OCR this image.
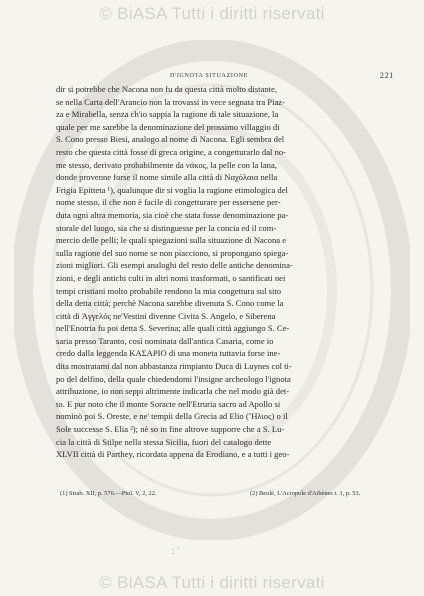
© BiASA Tutti i diritti riservati
D'IGNOTA SITUAZIONE	221
dir si potrebbe che Nacona non fu da questa città molto distante,
se nella Carta dell'Arancio non la trovassi in vece segnata tra Piaz-
za e Mirabella, senza ch'io sappia la ragione di tale situazione, la
quale per me sarebbe la denominazione del prossimo villaggio di
S. Cono presso Biesi, analogo al nome di Nacona. Egli sembra del
resto che questa città fosse di greca origine, a congetturarlo dal no-
me stesso, derivato probabilmente da νάκος, la pelle con la lana,
donde provenne forse il nome simile alla città di Ναχόλαια nella
Frigia Epitteta ¹), qualunque dir si voglia la ragione etimologica del
nome stesso, il che non è facile di congetturare per essersene per-
duta ogni altra memoria, sia cioè che stata fosse denominazione pa-
storale del luogo, sia che si distinguesse per la concia ed il com-
mercio delle pelli; le quali spiegazioni sulla situazione di Nacona e
sulla ragione del suo nome se non piacciono, si propongano spiega-
zioni migliori. Gli esempi analoghi del resto delle antiche denomina-
zioni, e degli antichi culti in altri nomi trasformati, o santificati nei
tempi cristiani molto probabile rendono la mia congettura sul sito
della detta città; perchè Nacona sarebbe divenuta S. Cono come la
città di Ἀγγελός ne'Vestini divenne Civita S. Angelo, e Siberena
nell'Enotria fu poi detta S. Severina; alle quali città aggiungo S. Ce-
saria presso Taranto, così nominata dall'antica Casaria, come io
credo dalla leggenda ΚΑΣΑΡΙΟ di una moneta tuttavia forse ine-
dita mostratami dal non abbastanza rimpianto Duca di Luynes col ti-
po del delfino, della quale chiedendomi l'insigne archeologo l'ignota
attribuzione, io non seppi altrimente indicarla che nel modo già det-
to. E pur noto che il monte Soracte nell'Etruria sacro ad Apollo si
nominò poi S. Oreste, e ne' tempii della Grecia ad Elio (Ἥλιος) o il
Sole successe S. Elia ²); nè so in fine altrove supporre che a S. Lu-
cia la città di Stilpe nella stessa Sicilia, fuori del catalogo dette
XLVII città di Parthey, ricordata appena da Erodiano, e a tutti i geo-
(1) Strab. XII, p. 576.—Ptol. V, 2, 22.	(2) Beulé, L'Acropole d'Athènes t. 1, p. 53.
⁚ ˙
© BiASA Tutti i diritti riservati
